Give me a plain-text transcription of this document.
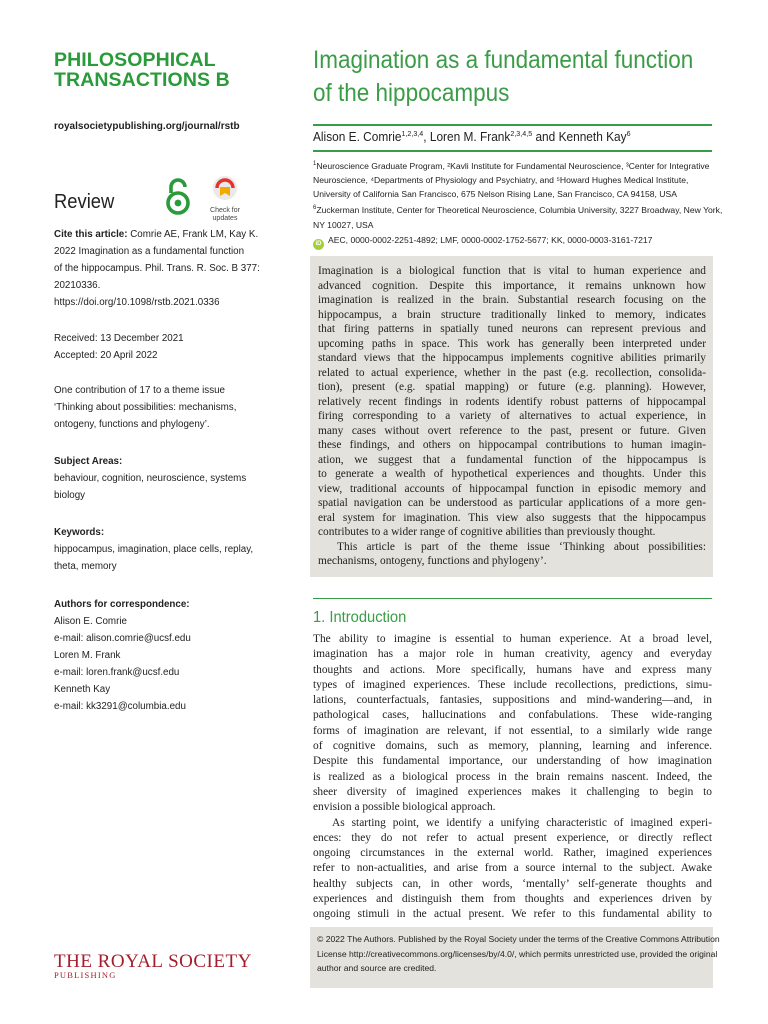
PHILOSOPHICAL
TRANSACTIONS B
royalsocietypublishing.org/journal/rstb
Review	Check for
updates
Cite this article: Comrie AE, Frank LM, Kay K.
2022 Imagination as a fundamental function
of the hippocampus. Phil. Trans. R. Soc. B 377:
20210336.
https://doi.org/10.1098/rstb.2021.0336
Received: 13 December 2021
Accepted: 20 April 2022
One contribution of 17 to a theme issue
‘Thinking about possibilities: mechanisms,
ontogeny, functions and phylogeny’.
Subject Areas:
behaviour, cognition, neuroscience, systems
biology
Keywords:
hippocampus, imagination, place cells, replay,
theta, memory
Authors for correspondence:
Alison E. Comrie
e-mail: alison.comrie@ucsf.edu
Loren M. Frank
e-mail: loren.frank@ucsf.edu
Kenneth Kay
e-mail: kk3291@columbia.edu
THE ROYAL SOCIETY
PUBLISHING
Imagination as a fundamental function
of the hippocampus
Alison E. Comrie$^{1,2,3,4}$, Loren M. Frank$^{2,3,4,5}$ and Kenneth Kay$^6$
$^1$Neuroscience Graduate Program, ²Kavli Institute for Fundamental Neuroscience, ³Center for Integrative
Neuroscience, ⁴Departments of Physiology and Psychiatry, and ⁵Howard Hughes Medical Institute,
University of California San Francisco, 675 Nelson Rising Lane, San Francisco, CA 94158, USA
$^6$Zuckerman Institute, Center for Theoretical Neuroscience, Columbia University, 3227 Broadway, New York,
NY 10027, USA
iD AEC, 0000-0002-2251-4892; LMF, 0000-0002-1752-5677; KK, 0000-0003-3161-7217
Imagination is a biological function that is vital to human experience and
advanced cognition. Despite this importance, it remains unknown how
imagination is realized in the brain. Substantial research focusing on the
hippocampus, a brain structure traditionally linked to memory, indicates
that firing patterns in spatially tuned neurons can represent previous and
upcoming paths in space. This work has generally been interpreted under
standard views that the hippocampus implements cognitive abilities primarily
related to actual experience, whether in the past (e.g. recollection, consolida-
tion), present (e.g. spatial mapping) or future (e.g. planning). However,
relatively recent findings in rodents identify robust patterns of hippocampal
firing corresponding to a variety of alternatives to actual experience, in
many cases without overt reference to the past, present or future. Given
these findings, and others on hippocampal contributions to human imagin-
ation, we suggest that a fundamental function of the hippocampus is
to generate a wealth of hypothetical experiences and thoughts. Under this
view, traditional accounts of hippocampal function in episodic memory and
spatial navigation can be understood as particular applications of a more gen-
eral system for imagination. This view also suggests that the hippocampus
contributes to a wider range of cognitive abilities than previously thought.
This article is part of the theme issue ‘Thinking about possibilities:
mechanisms, ontogeny, functions and phylogeny’.
1. Introduction
The ability to imagine is essential to human experience. At a broad level,
imagination has a major role in human creativity, agency and everyday
thoughts and actions. More specifically, humans have and express many
types of imagined experiences. These include recollections, predictions, simu-
lations, counterfactuals, fantasies, suppositions and mind-wandering—and, in
pathological cases, hallucinations and confabulations. These wide-ranging
forms of imagination are relevant, if not essential, to a similarly wide range
of cognitive domains, such as memory, planning, learning and inference.
Despite this fundamental importance, our understanding of how imagination
is realized as a biological process in the brain remains nascent. Indeed, the
sheer diversity of imagined experiences makes it challenging to begin to
envision a possible biological approach.
As starting point, we identify a unifying characteristic of imagined experi-
ences: they do not refer to actual present experience, or directly reflect
ongoing circumstances in the external world. Rather, imagined experiences
refer to non-actualities, and arise from a source internal to the subject. Awake
healthy subjects can, in other words, ‘mentally’ self-generate thoughts and
experiences and distinguish them from thoughts and experiences driven by
ongoing stimuli in the actual present. We refer to this fundamental ability to
© 2022 The Authors. Published by the Royal Society under the terms of the Creative Commons Attribution
License http://creativecommons.org/licenses/by/4.0/, which permits unrestricted use, provided the original
author and source are credited.
